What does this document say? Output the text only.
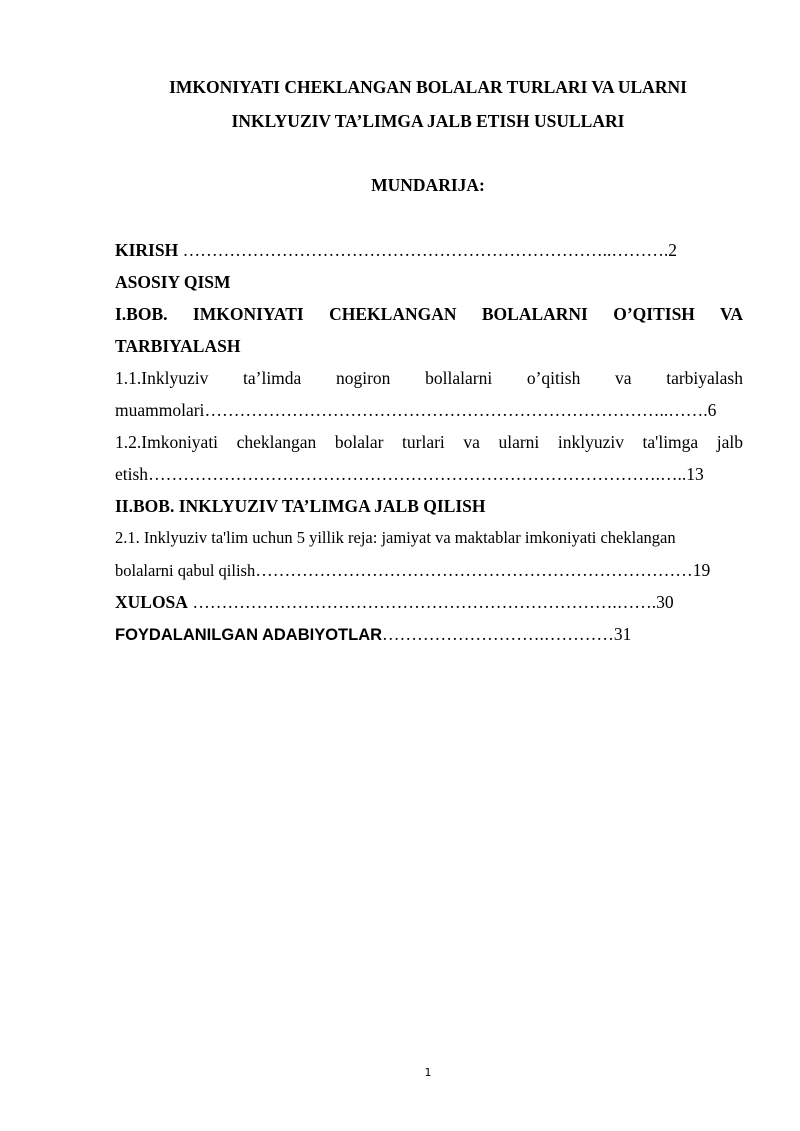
IMKONIYATI CHEKLANGAN BOLALAR TURLARI VA ULARNI
INKLYUZIV TA’LIMGA JALB ETISH USULLARI
MUNDARIJA:
KIRISH ………………………………………………………………..……….2
ASOSIY QISM
I.BOB. IMKONIYATI CHEKLANGAN BOLALARNI O’QITISH VA
TARBIYALASH
1.1.Inklyuziv ta’limda nogiron bollalarni o’qitish va tarbiyalash
muammolari……………………………………………………………………..…….6
1.2.Imkoniyati cheklangan bolalar turlari va ularni inklyuziv ta'limga jalb
etish…………………………………………………………………………….…..13
II.BOB. INKLYUZIV TA’LIMGA JALB QILISH
2.1. Inklyuziv ta'lim uchun 5 yillik reja: jamiyat va maktablar imkoniyati cheklangan
bolalarni qabul qilish…………………………………………………………………19
XULOSA ……………………………………………………………….…….30
FOYDALANILGAN ADABIYOTLAR……………………….…………31
1
